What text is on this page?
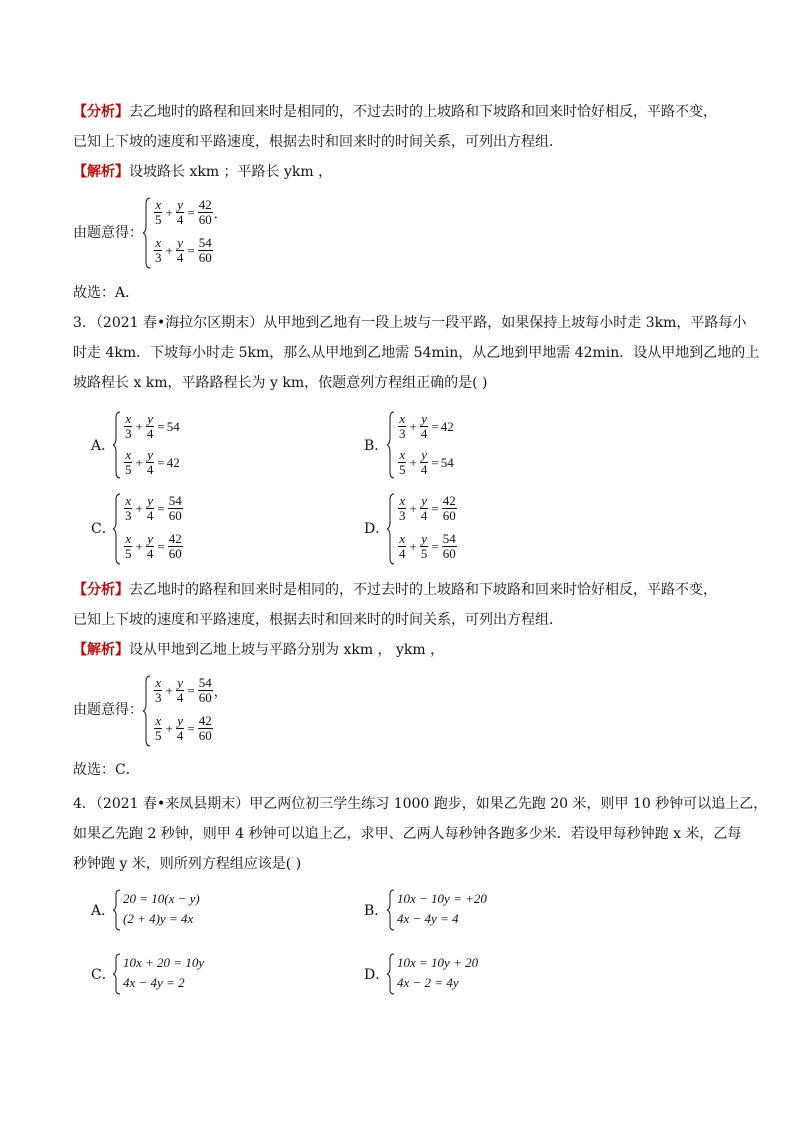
【分析】去乙地时的路程和回来时是相同的，不过去时的上坡路和下坡路和回来时恰好相反，平路不变，
已知上下坡的速度和平路速度，根据去时和回来时的时间关系，可列出方程组．
【解析】设坡路长 xkm ；平路长 ykm ，
由题意得：
$\frac{x}{5} + \frac{y}{4} = \frac{42}{60}$ ．
$\frac{x}{3} + \frac{y}{4} = \frac{54}{60}$
故选：A．
3．（2021 春•海拉尔区期末）从甲地到乙地有一段上坡与一段平路，如果保持上坡每小时走 3km，平路每小
时走 4km．下坡每小时走 5km，那么从甲地到乙地需 54min，从乙地到甲地需 42min．设从甲地到乙地的上
坡路程长 x km，平路路程长为 y km，依题意列方程组正确的是( )
A．
$\frac{x}{3} + \frac{y}{4} = 54$
$\frac{x}{5} + \frac{y}{4} = 42$
B．
$\frac{x}{3} + \frac{y}{4} = 42$
$\frac{x}{5} + \frac{y}{4} = 54$
C．
$\frac{x}{3} + \frac{y}{4} = \frac{54}{60}$
$\frac{x}{5} + \frac{y}{4} = \frac{42}{60}$
D．
$\frac{x}{3} + \frac{y}{4} = \frac{42}{60}$
$\frac{x}{4} + \frac{y}{5} = \frac{54}{60}$
【分析】去乙地时的路程和回来时是相同的，不过去时的上坡路和下坡路和回来时恰好相反，平路不变，
已知上下坡的速度和平路速度，根据去时和回来时的时间关系，可列出方程组．
【解析】设从甲地到乙地上坡与平路分别为 xkm ， ykm ，
由题意得：
$\frac{x}{3} + \frac{y}{4} = \frac{54}{60}$ ，
$\frac{x}{5} + \frac{y}{4} = \frac{42}{60}$
故选：C．
4．（2021 春•来凤县期末）甲乙两位初三学生练习 1000 跑步，如果乙先跑 20 米，则甲 10 秒钟可以追上乙，
如果乙先跑 2 秒钟，则甲 4 秒钟可以追上乙，求甲、乙两人每秒钟各跑多少米．若设甲每秒钟跑 x 米，乙每
秒钟跑 y 米，则所列方程组应该是( )
A．
20 = 10(x − y)
(2 + 4)y = 4x	B．
10x − 10y = +20
4x − 4y = 4
C．
10x + 20 = 10y
4x − 4y = 2	D．
10x = 10y + 20
4x − 2 = 4y
